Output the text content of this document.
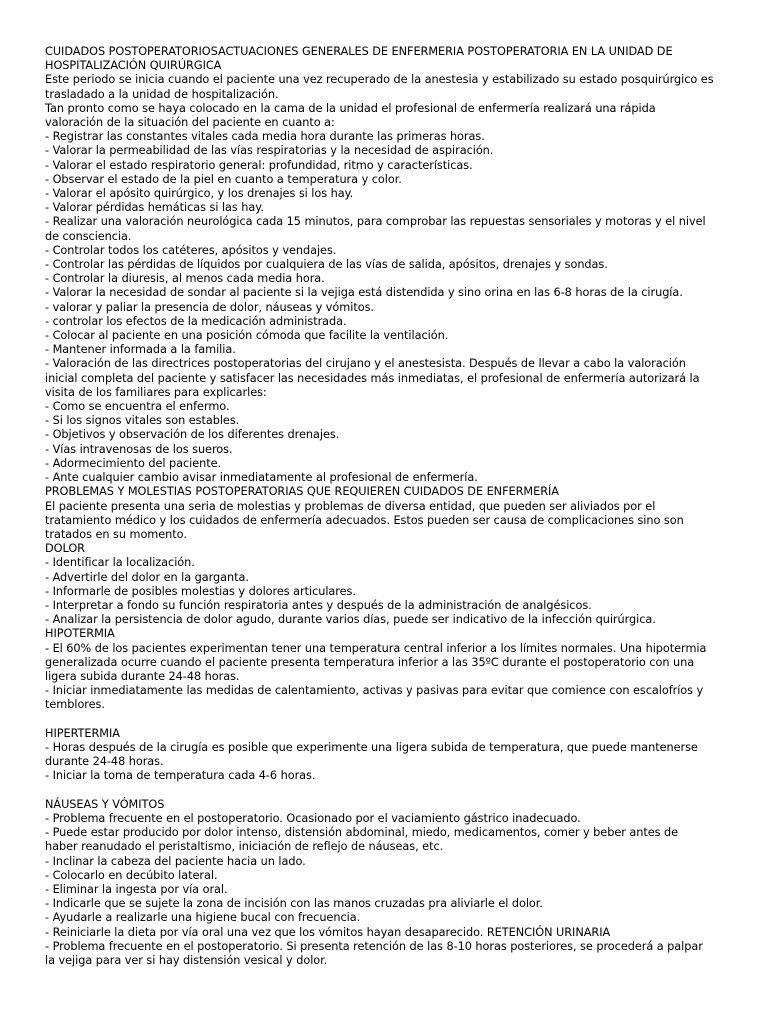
CUIDADOS POSTOPERATORIOSACTUACIONES GENERALES DE ENFERMERIA POSTOPERATORIA EN LA UNIDAD DE
HOSPITALIZACIÓN QUIRÚRGICA
Este periodo se inicia cuando el paciente una vez recuperado de la anestesia y estabilizado su estado posquirúrgico es
trasladado a la unidad de hospitalización.
Tan pronto como se haya colocado en la cama de la unidad el profesional de enfermería realizará una rápida
valoración de la situación del paciente en cuanto a:
- Registrar las constantes vitales cada media hora durante las primeras horas.
- Valorar la permeabilidad de las vías respiratorias y la necesidad de aspiración.
- Valorar el estado respiratorio general: profundidad, ritmo y características.
- Observar el estado de la piel en cuanto a temperatura y color.
- Valorar el apósito quirúrgico, y los drenajes si los hay.
- Valorar pérdidas hemáticas si las hay.
- Realizar una valoración neurológica cada 15 minutos, para comprobar las repuestas sensoriales y motoras y el nivel
de consciencia.
- Controlar todos los catéteres, apósitos y vendajes.
- Controlar las pérdidas de líquidos por cualquiera de las vías de salida, apósitos, drenajes y sondas.
- Controlar la diuresis, al menos cada media hora.
- Valorar la necesidad de sondar al paciente si la vejiga está distendida y sino orina en las 6-8 horas de la cirugía.
- valorar y paliar la presencia de dolor, náuseas y vómitos.
- controlar los efectos de la medicación administrada.
- Colocar al paciente en una posición cómoda que facilite la ventilación.
- Mantener informada a la familia.
- Valoración de las directrices postoperatorias del cirujano y el anestesista. Después de llevar a cabo la valoración
inicial completa del paciente y satisfacer las necesidades más inmediatas, el profesional de enfermería autorizará la
visita de los familiares para explicarles:
- Como se encuentra el enfermo.
- Si los signos vitales son estables.
- Objetivos y observación de los diferentes drenajes.
- Vías intravenosas de los sueros.
- Adormecimiento del paciente.
- Ante cualquier cambio avisar inmediatamente al profesional de enfermería.
PROBLEMAS Y MOLESTIAS POSTOPERATORIAS QUE REQUIEREN CUIDADOS DE ENFERMERÍA
El paciente presenta una seria de molestias y problemas de diversa entidad, que pueden ser aliviados por el
tratamiento médico y los cuidados de enfermería adecuados. Estos pueden ser causa de complicaciones sino son
tratados en su momento.
DOLOR
- Identificar la localización.
- Advertirle del dolor en la garganta.
- Informarle de posibles molestias y dolores articulares.
- Interpretar a fondo su función respiratoria antes y después de la administración de analgésicos.
- Analizar la persistencia de dolor agudo, durante varios días, puede ser indicativo de la infección quirúrgica.
HIPOTERMIA
- El 60% de los pacientes experimentan tener una temperatura central inferior a los límites normales. Una hipotermia
generalizada ocurre cuando el paciente presenta temperatura inferior a las 35ºC durante el postoperatorio con una
ligera subida durante 24-48 horas.
- Iniciar inmediatamente las medidas de calentamiento, activas y pasivas para evitar que comience con escalofríos y
temblores.
HIPERTERMIA
- Horas después de la cirugía es posible que experimente una ligera subida de temperatura, que puede mantenerse
durante 24-48 horas.
- Iniciar la toma de temperatura cada 4-6 horas.
NÁUSEAS Y VÓMITOS
- Problema frecuente en el postoperatorio. Ocasionado por el vaciamiento gástrico inadecuado.
- Puede estar producido por dolor intenso, distensión abdominal, miedo, medicamentos, comer y beber antes de
haber reanudado el peristaltismo, iniciación de reflejo de náuseas, etc.
- Inclinar la cabeza del paciente hacia un lado.
- Colocarlo en decúbito lateral.
- Eliminar la ingesta por vía oral.
- Indicarle que se sujete la zona de incisión con las manos cruzadas pra aliviarle el dolor.
- Ayudarle a realizarle una higiene bucal con frecuencia.
- Reiniciarle la dieta por vía oral una vez que los vómitos hayan desaparecido. RETENCIÓN URINARIA
- Problema frecuente en el postoperatorio. Si presenta retención de las 8-10 horas posteriores, se procederá a palpar
la vejiga para ver si hay distensión vesical y dolor.
